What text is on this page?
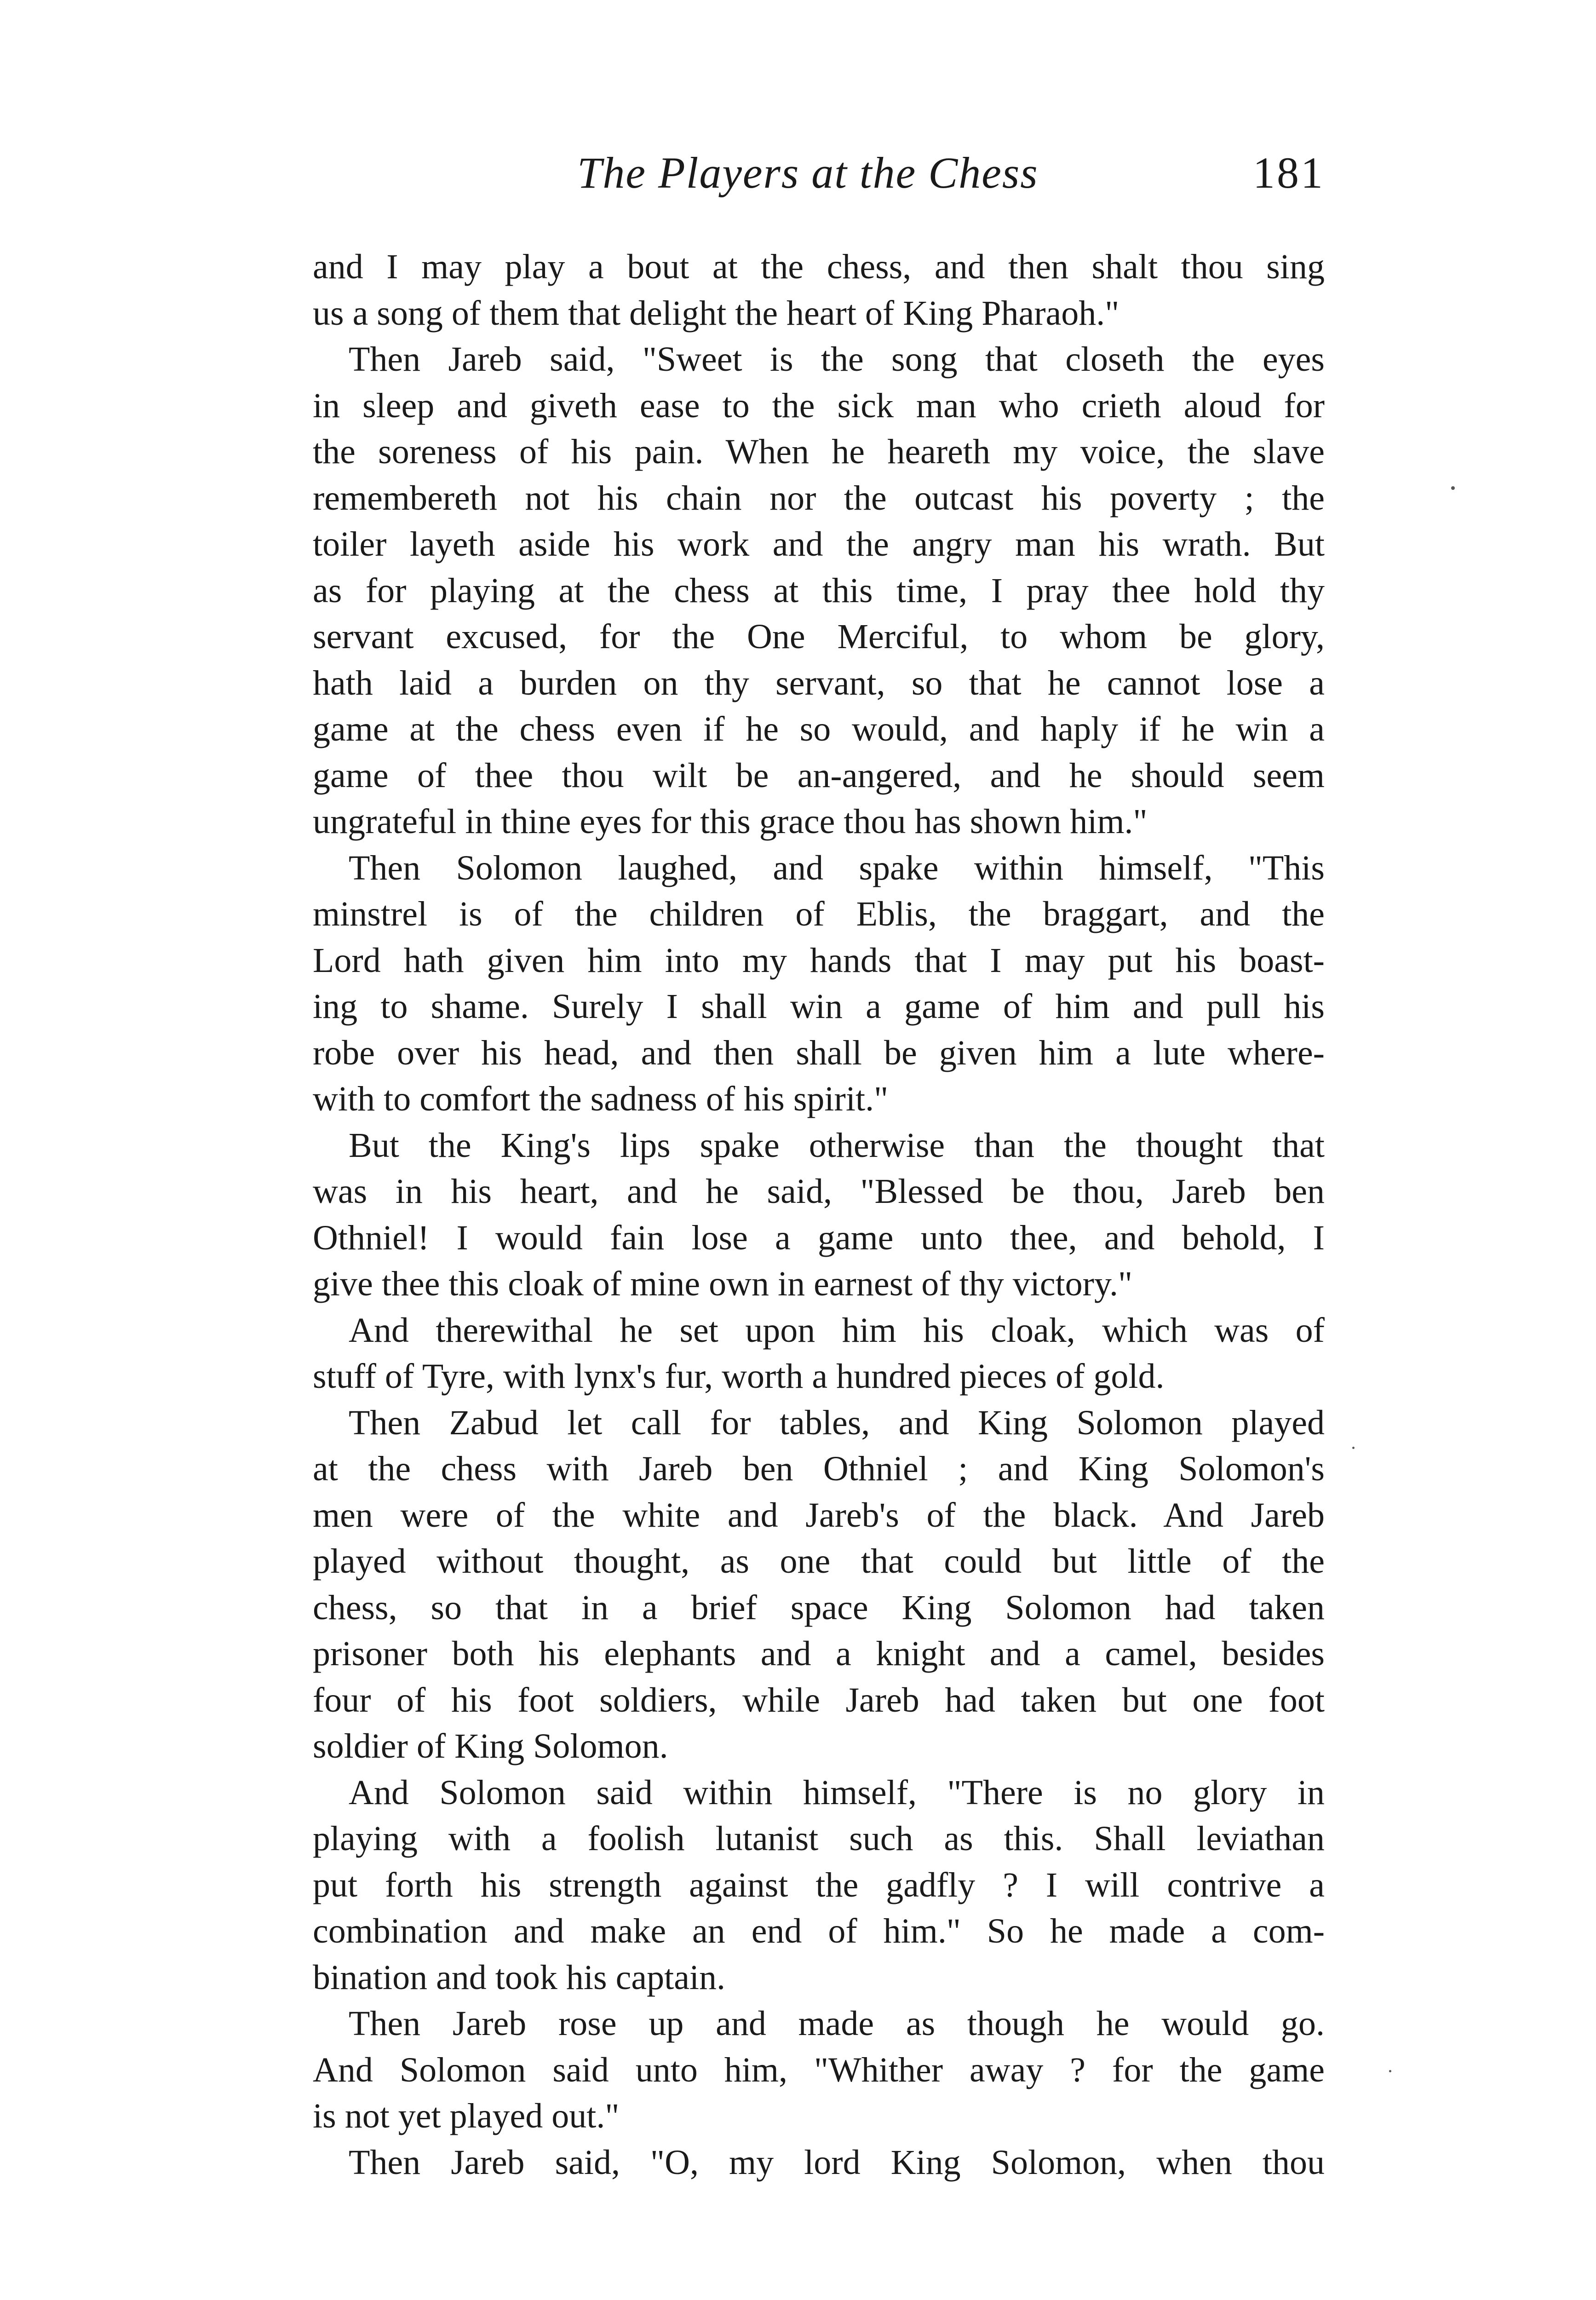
The Players at the Chess	181
and I may play a bout at the chess, and then shalt thou sing
us a song of them that delight the heart of King Pharaoh."
Then Jareb said, "Sweet is the song that closeth the eyes
in sleep and giveth ease to the sick man who crieth aloud for
the soreness of his pain. When he heareth my voice, the slave
remembereth not his chain nor the outcast his poverty ; the
toiler layeth aside his work and the angry man his wrath. But
as for playing at the chess at this time, I pray thee hold thy
servant excused, for the One Merciful, to whom be glory,
hath laid a burden on thy servant, so that he cannot lose a
game at the chess even if he so would, and haply if he win a
game of thee thou wilt be an-angered, and he should seem
ungrateful in thine eyes for this grace thou has shown him."
Then Solomon laughed, and spake within himself, "This
minstrel is of the children of Eblis, the braggart, and the
Lord hath given him into my hands that I may put his boast-
ing to shame. Surely I shall win a game of him and pull his
robe over his head, and then shall be given him a lute where-
with to comfort the sadness of his spirit."
But the King's lips spake otherwise than the thought that
was in his heart, and he said, "Blessed be thou, Jareb ben
Othniel! I would fain lose a game unto thee, and behold, I
give thee this cloak of mine own in earnest of thy victory."
And therewithal he set upon him his cloak, which was of
stuff of Tyre, with lynx's fur, worth a hundred pieces of gold.
Then Zabud let call for tables, and King Solomon played
at the chess with Jareb ben Othniel ; and King Solomon's
men were of the white and Jareb's of the black. And Jareb
played without thought, as one that could but little of the
chess, so that in a brief space King Solomon had taken
prisoner both his elephants and a knight and a camel, besides
four of his foot soldiers, while Jareb had taken but one foot
soldier of King Solomon.
And Solomon said within himself, "There is no glory in
playing with a foolish lutanist such as this. Shall leviathan
put forth his strength against the gadfly ? I will contrive a
combination and make an end of him." So he made a com-
bination and took his captain.
Then Jareb rose up and made as though he would go.
And Solomon said unto him, "Whither away ? for the game
is not yet played out."
Then Jareb said, "O, my lord King Solomon, when thou
